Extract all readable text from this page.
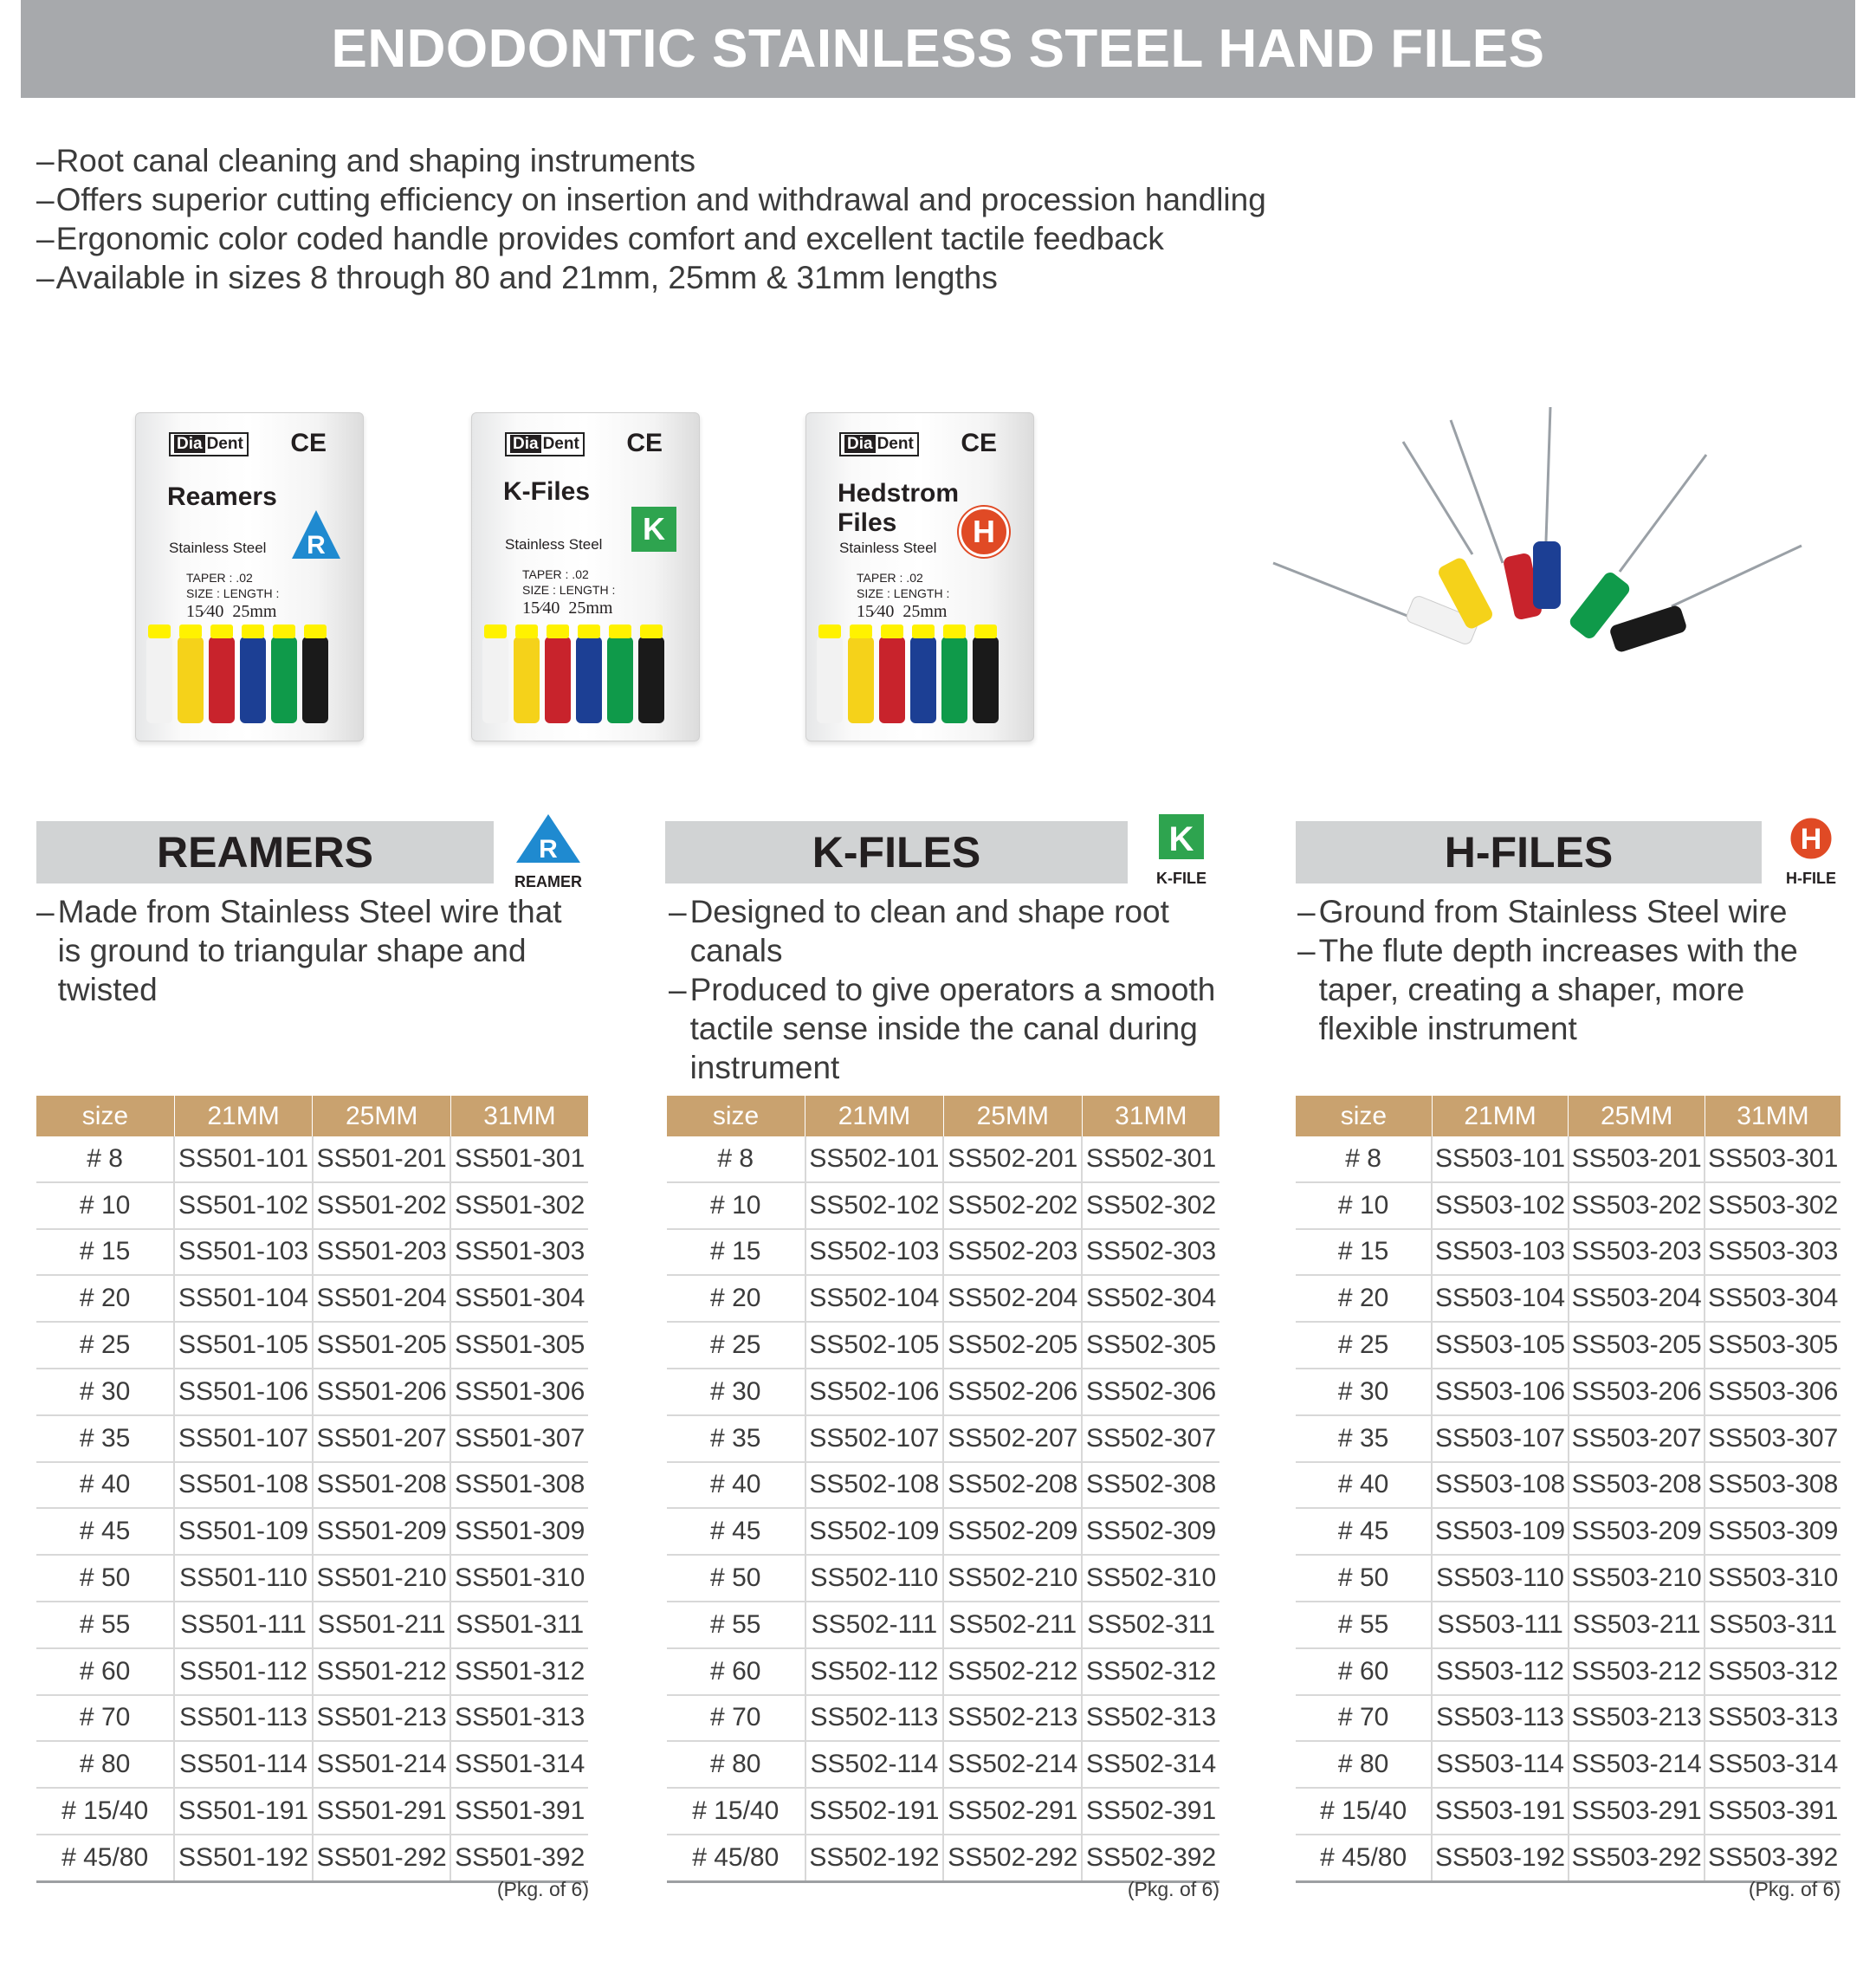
ENDODONTIC STAINLESS STEEL HAND FILES
– Root canal cleaning and shaping instruments
– Offers superior cutting efficiency on insertion and withdrawal and procession handling
– Ergonomic color coded handle provides comfort and excellent tactile feedback
– Available in sizes 8 through 80 and 21mm, 25mm & 31mm lengths
Dia Dent CE
Reamers
Stainless Steel R
TAPER : .02
SIZE : LENGTH :
15⁄40 25mm
Dia Dent CE
K-Files
Stainless Steel	K
TAPER : .02
SIZE : LENGTH :
15⁄40 25mm
Dia Dent CE
Hedstrom Files
Stainless Steel	H
TAPER : .02
SIZE : LENGTH :
15⁄40 25mm
REAMERS	R
REAMER
K-FILES	K
K-FILE
H-FILES	H
H-FILE
–
Made from Stainless Steel wire that is ground to triangular shape and twisted
– Designed to clean and shape root canals
– Produced to give operators a smooth tactile sense inside the canal during instrument
– Ground from Stainless Steel wire
– The flute depth increases with the taper, creating a shaper, more flexible instrument
size	21MM	25MM	31MM
# 8	SS501-101	SS501-201	SS501-301
# 10	SS501-102	SS501-202	SS501-302
# 15	SS501-103	SS501-203	SS501-303
# 20	SS501-104	SS501-204	SS501-304
# 25	SS501-105	SS501-205	SS501-305
# 30	SS501-106	SS501-206	SS501-306
# 35	SS501-107	SS501-207	SS501-307
# 40	SS501-108	SS501-208	SS501-308
# 45	SS501-109	SS501-209	SS501-309
# 50	SS501-110	SS501-210	SS501-310
# 55	SS501-111	SS501-211	SS501-311
# 60	SS501-112	SS501-212	SS501-312
# 70	SS501-113	SS501-213	SS501-313
# 80	SS501-114	SS501-214	SS501-314
# 15/40	SS501-191	SS501-291	SS501-391
# 45/80	SS501-192	SS501-292	SS501-392
size	21MM	25MM	31MM
# 8	SS502-101	SS502-201	SS502-301
# 10	SS502-102	SS502-202	SS502-302
# 15	SS502-103	SS502-203	SS502-303
# 20	SS502-104	SS502-204	SS502-304
# 25	SS502-105	SS502-205	SS502-305
# 30	SS502-106	SS502-206	SS502-306
# 35	SS502-107	SS502-207	SS502-307
# 40	SS502-108	SS502-208	SS502-308
# 45	SS502-109	SS502-209	SS502-309
# 50	SS502-110	SS502-210	SS502-310
# 55	SS502-111	SS502-211	SS502-311
# 60	SS502-112	SS502-212	SS502-312
# 70	SS502-113	SS502-213	SS502-313
# 80	SS502-114	SS502-214	SS502-314
# 15/40	SS502-191	SS502-291	SS502-391
# 45/80	SS502-192	SS502-292	SS502-392
size	21MM	25MM	31MM
# 8	SS503-101	SS503-201	SS503-301
# 10	SS503-102	SS503-202	SS503-302
# 15	SS503-103	SS503-203	SS503-303
# 20	SS503-104	SS503-204	SS503-304
# 25	SS503-105	SS503-205	SS503-305
# 30	SS503-106	SS503-206	SS503-306
# 35	SS503-107	SS503-207	SS503-307
# 40	SS503-108	SS503-208	SS503-308
# 45	SS503-109	SS503-209	SS503-309
# 50	SS503-110	SS503-210	SS503-310
# 55	SS503-111	SS503-211	SS503-311
# 60	SS503-112	SS503-212	SS503-312
# 70	SS503-113	SS503-213	SS503-313
# 80	SS503-114	SS503-214	SS503-314
# 15/40	SS503-191	SS503-291	SS503-391
# 45/80	SS503-192	SS503-292	SS503-392
(Pkg. of 6)	(Pkg. of 6)	(Pkg. of 6)
